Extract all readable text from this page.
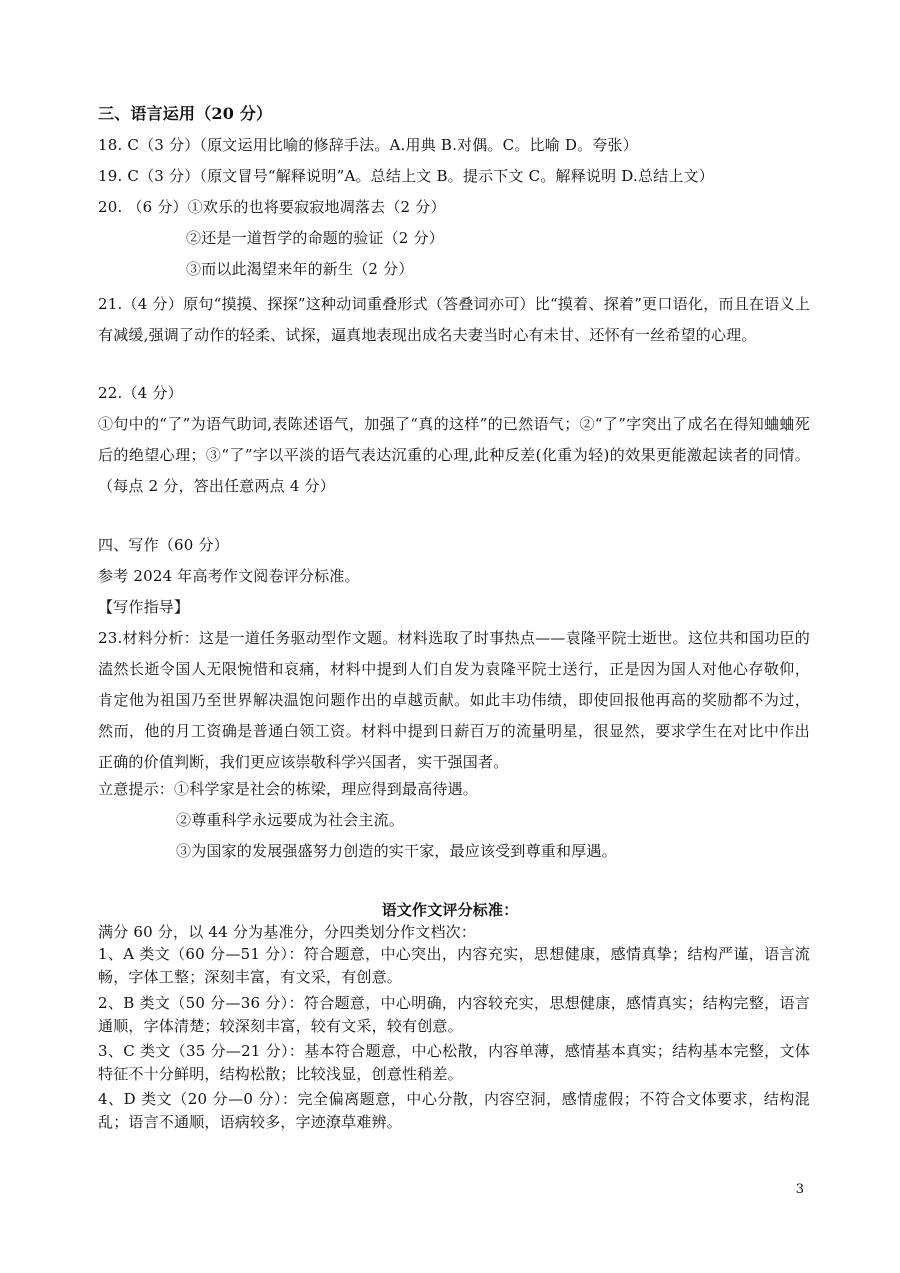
三、语言运用（20 分）
18. C（3 分）（原文运用比喻的修辞手法。A.用典 B.对偶。C。比喻 D。夸张）
19. C（3 分）（原文冒号“解释说明”A。总结上文 B。提示下文 C。解释说明 D.总结上文）
20. （6 分）①欢乐的也将要寂寂地凋落去（2 分）
②还是一道哲学的命题的验证（2 分）
③而以此渴望来年的新生（2 分）
21.（4 分）原句“摸摸、探探”这种动词重叠形式（答叠词亦可）比“摸着、探着”更口语化，而且在语义上有减缓,强调了动作的轻柔、试探，逼真地表现出成名夫妻当时心有未甘、还怀有一丝希望的心理。
22.（4 分）
①句中的“了”为语气助词,表陈述语气，加强了“真的这样”的已然语气；②“了”字突出了成名在得知蛐蛐死后的绝望心理；③“了”字以平淡的语气表达沉重的心理,此种反差(化重为轻)的效果更能激起读者的同情。 （每点 2 分，答出任意两点 4 分）
四、写作（60 分）
参考 2024 年高考作文阅卷评分标准。
【写作指导】
23.材料分析：这是一道任务驱动型作文题。材料选取了时事热点——袁隆平院士逝世。这位共和国功臣的溘然长逝令国人无限惋惜和哀痛，材料中提到人们自发为袁隆平院士送行，正是因为国人对他心存敬仰，肯定他为祖国乃至世界解决温饱问题作出的卓越贡献。如此丰功伟绩，即使回报他再高的奖励都不为过，然而，他的月工资确是普通白领工资。材料中提到日薪百万的流量明星，很显然，要求学生在对比中作出正确的价值判断，我们更应该崇敬科学兴国者，实干强国者。
立意提示：①科学家是社会的栋梁，理应得到最高待遇。
②尊重科学永远要成为社会主流。
③为国家的发展强盛努力创造的实干家，最应该受到尊重和厚遇。
语文作文评分标准：
满分 60 分，以 44 分为基准分，分四类划分作文档次：
1、A 类文（60 分—51 分）：符合题意，中心突出，内容充实，思想健康，感情真挚；结构严谨，语言流畅，字体工整；深刻丰富，有文采，有创意。
2、B 类文（50 分—36 分）：符合题意，中心明确，内容较充实，思想健康，感情真实；结构完整，语言通顺，字体清楚；较深刻丰富，较有文采，较有创意。
3、C 类文（35 分—21 分）：基本符合题意，中心松散，内容单薄，感情基本真实；结构基本完整，文体特征不十分鲜明，结构松散；比较浅显，创意性稍差。
4、D 类文（20 分—0 分）：完全偏离题意，中心分散，内容空洞，感情虚假；不符合文体要求，结构混乱；语言不通顺，语病较多，字迹潦草难辨。
3
